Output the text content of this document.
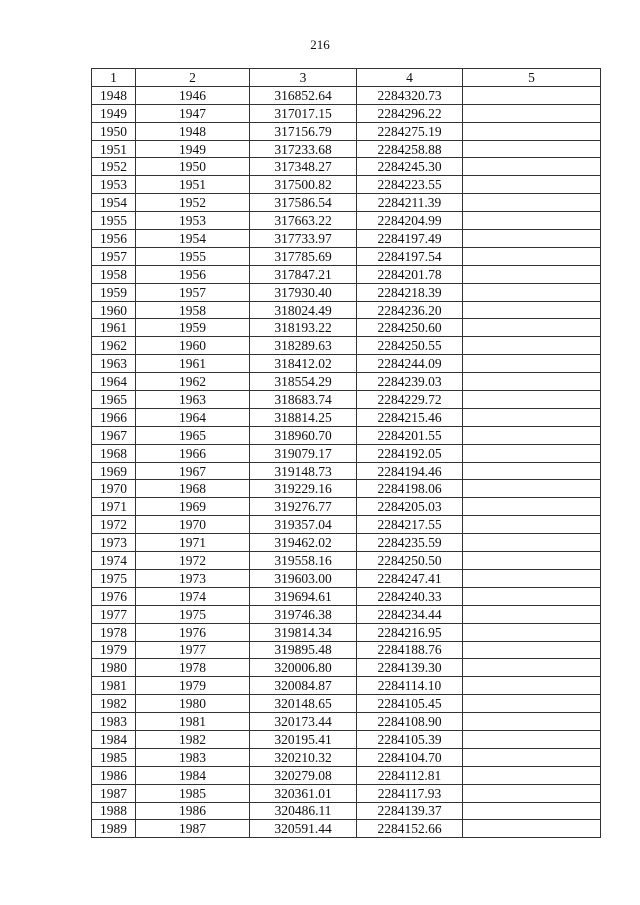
216
1	2	3	4	5
1948	1946	316852.64	2284320.73	
1949	1947	317017.15	2284296.22	
1950	1948	317156.79	2284275.19	
1951	1949	317233.68	2284258.88	
1952	1950	317348.27	2284245.30	
1953	1951	317500.82	2284223.55	
1954	1952	317586.54	2284211.39	
1955	1953	317663.22	2284204.99	
1956	1954	317733.97	2284197.49	
1957	1955	317785.69	2284197.54	
1958	1956	317847.21	2284201.78	
1959	1957	317930.40	2284218.39	
1960	1958	318024.49	2284236.20	
1961	1959	318193.22	2284250.60	
1962	1960	318289.63	2284250.55	
1963	1961	318412.02	2284244.09	
1964	1962	318554.29	2284239.03	
1965	1963	318683.74	2284229.72	
1966	1964	318814.25	2284215.46	
1967	1965	318960.70	2284201.55	
1968	1966	319079.17	2284192.05	
1969	1967	319148.73	2284194.46	
1970	1968	319229.16	2284198.06	
1971	1969	319276.77	2284205.03	
1972	1970	319357.04	2284217.55	
1973	1971	319462.02	2284235.59	
1974	1972	319558.16	2284250.50	
1975	1973	319603.00	2284247.41	
1976	1974	319694.61	2284240.33	
1977	1975	319746.38	2284234.44	
1978	1976	319814.34	2284216.95	
1979	1977	319895.48	2284188.76	
1980	1978	320006.80	2284139.30	
1981	1979	320084.87	2284114.10	
1982	1980	320148.65	2284105.45	
1983	1981	320173.44	2284108.90	
1984	1982	320195.41	2284105.39	
1985	1983	320210.32	2284104.70	
1986	1984	320279.08	2284112.81	
1987	1985	320361.01	2284117.93	
1988	1986	320486.11	2284139.37	
1989	1987	320591.44	2284152.66	
